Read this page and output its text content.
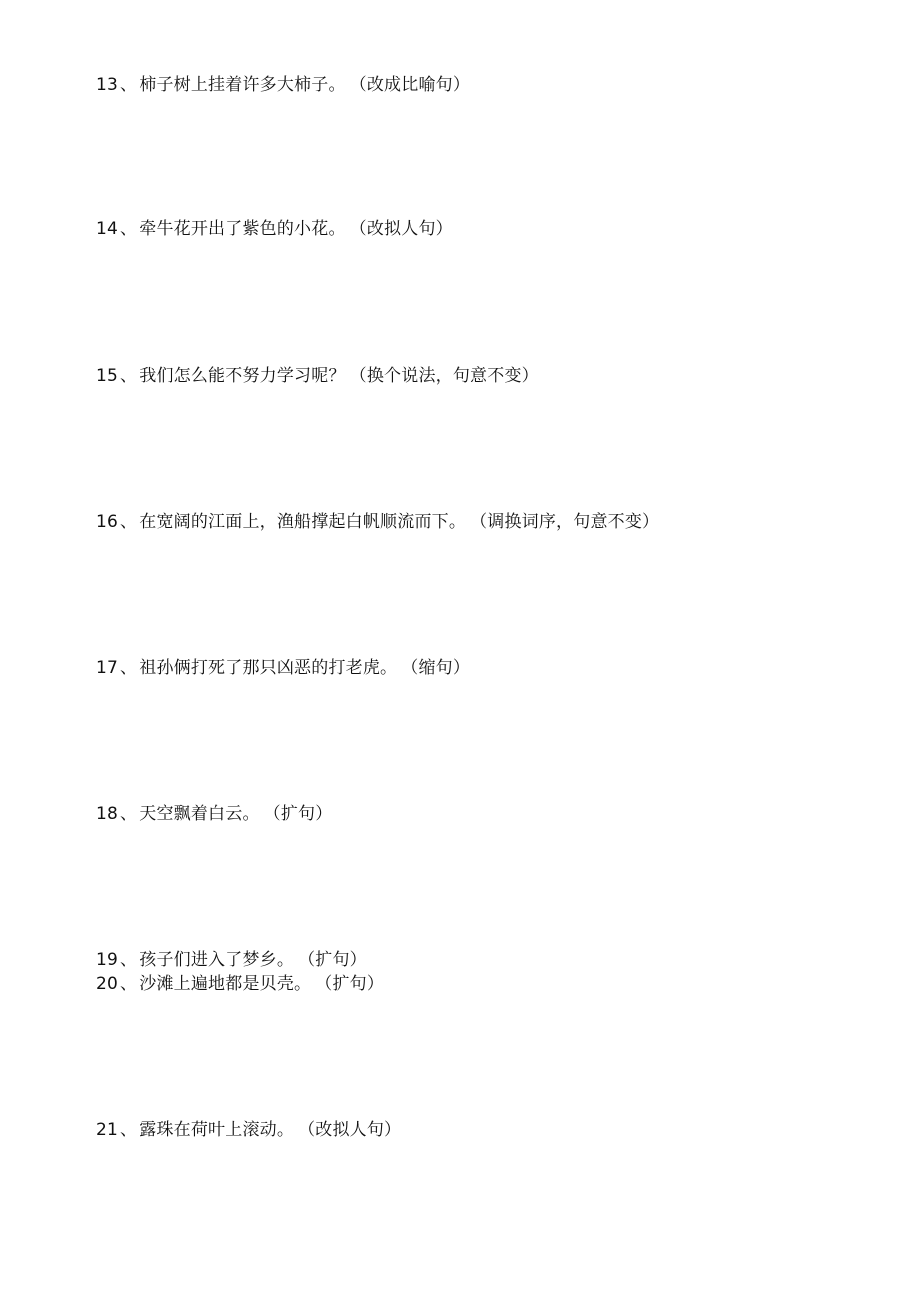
13 、 柿子树上挂着许多大柿子。 （改成比喻句）
14 、 牵牛花开出了紫色的小花。 （改拟人句）
15 、 我们怎么能不努力学习呢？ （换个说法，句意不变）
16 、 在宽阔的江面上，渔船撑起白帆顺流而下。 （调换词序，句意不变）
17 、 祖孙俩打死了那只凶恶的打老虎。 （缩句）
18 、 天空飘着白云。 （扩句）
19 、 孩子们进入了梦乡。 （扩句）
20 、 沙滩上遍地都是贝壳。 （扩句）
21 、 露珠在荷叶上滚动。 （改拟人句）
